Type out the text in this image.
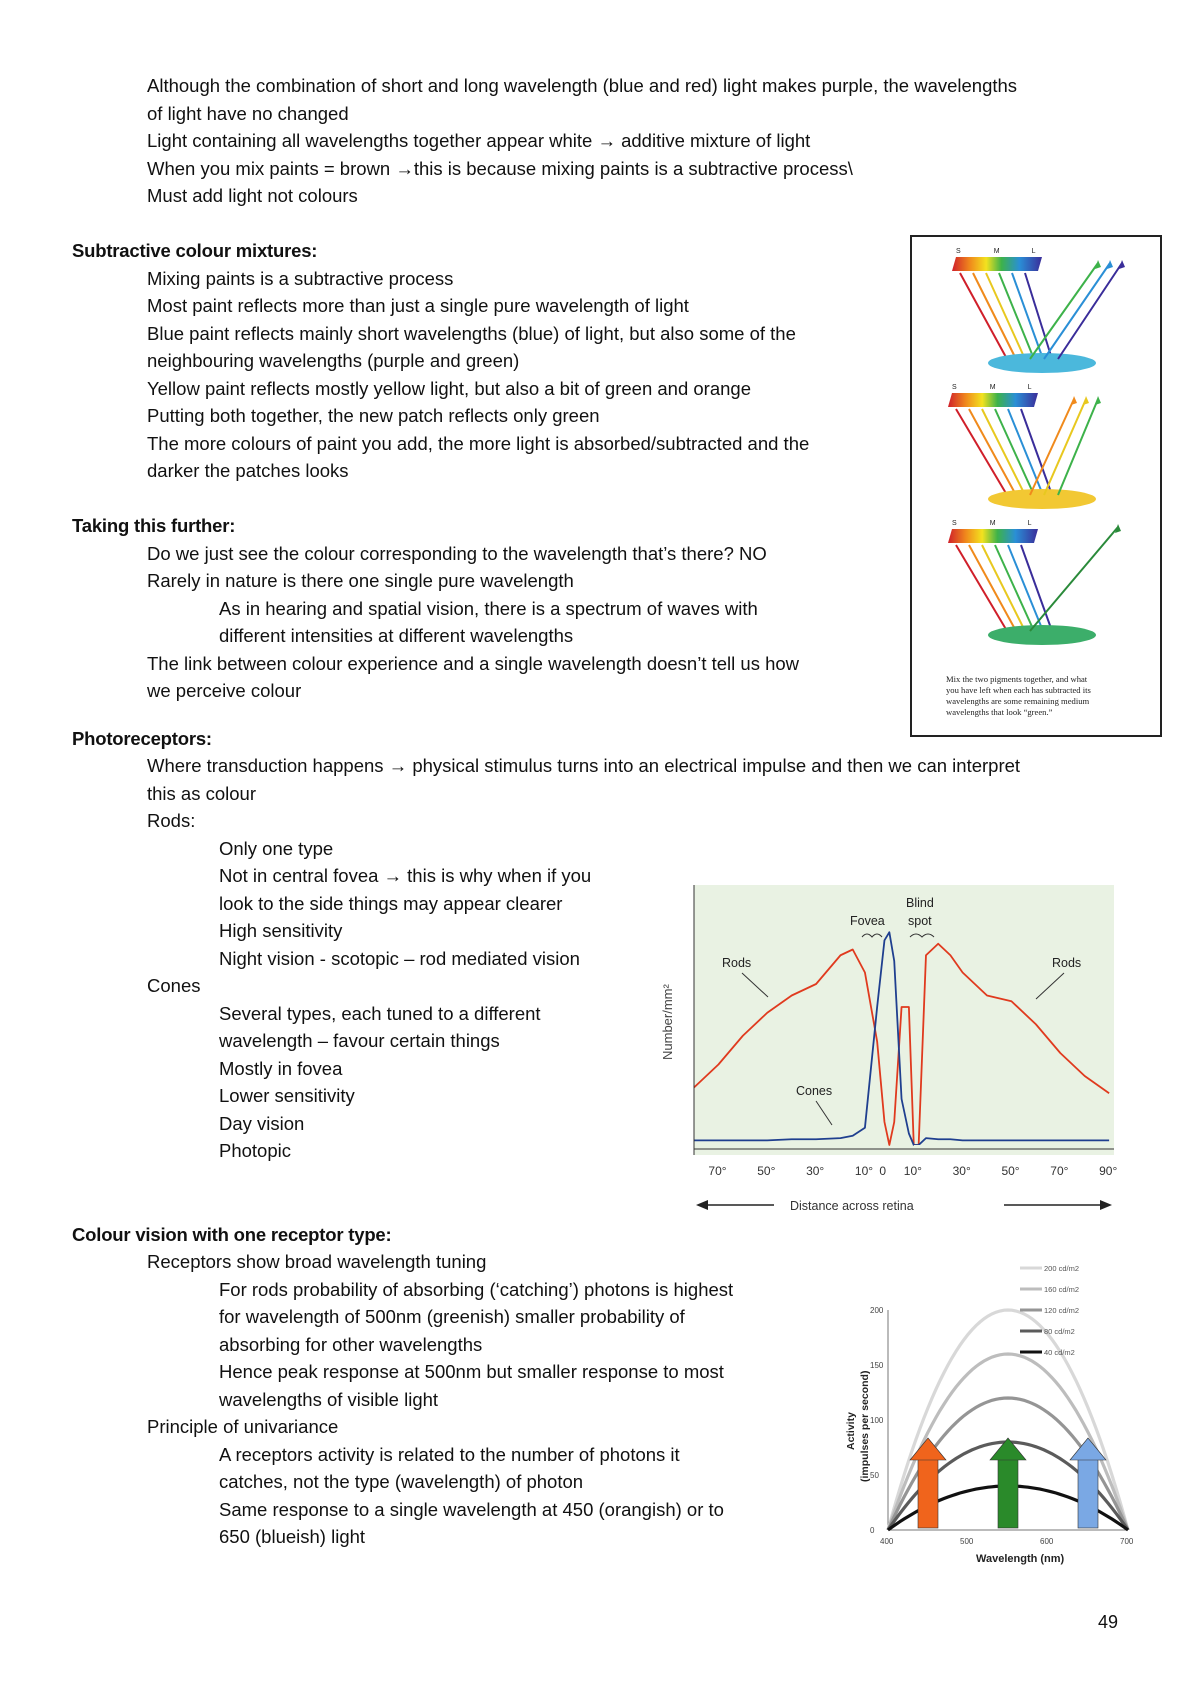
Although the combination of short and long wavelength (blue and red) light makes purple, the wavelengths
of light have no changed
Light containing all wavelengths together appear white → additive mixture of light
When you mix paints = brown →this is because mixing paints is a subtractive process\
Must add light not colours
Subtractive colour mixtures:
Mixing paints is a subtractive process
Most paint reflects more than just a single pure wavelength of light
Blue paint reflects mainly short wavelengths (blue) of light, but also some of the
neighbouring wavelengths (purple and green)
Yellow paint reflects mostly yellow light, but also a bit of green and orange
Putting both together, the new patch reflects only green
The more colours of paint you add, the more light is absorbed/subtracted and the
darker the patches looks
Taking this further:
Do we just see the colour corresponding to the wavelength that’s there? NO
Rarely in nature is there one single pure wavelength
As in hearing and spatial vision, there is a spectrum of waves with
different intensities at different wavelengths
The link between colour experience and a single wavelength doesn’t tell us how
we perceive colour
Photoreceptors:
Where transduction happens → physical stimulus turns into an electrical impulse and then we can interpret
this as colour
Rods:
Only one type
Not in central fovea → this is why when if you
look to the side things may appear clearer
High sensitivity
Night vision - scotopic – rod mediated vision
Cones
Several types, each tuned to a different
wavelength – favour certain things
Mostly in fovea
Lower sensitivity
Day vision
Photopic
Colour vision with one receptor type:
Receptors show broad wavelength tuning
For rods probability of absorbing (‘catching’) photons is highest
for wavelength of 500nm (greenish) smaller probability of
absorbing for other wavelengths
Hence peak response at 500nm but smaller response to most
wavelengths of visible light
Principle of univariance
A receptors activity is related to the number of photons it
catches, not the type (wavelength) of photon
Same response to a single wavelength at 450 (orangish) or to
650 (blueish) light
S	M	L
S	M	L
S	M	L
Mix the two pigments together, and what
you have left when each has subtracted its
wavelengths are some remaining medium
wavelengths that look “green.”
Number/mm²
70°	50°	30°	10° 0 10°	30°	50°	70°	90°
Distance across retina
Fovea
Blind
spot
Rods	Rods
Cones
0
50
100
150
200
400	500	600	700
Wavelength (nm)
Activity (impulses per second)
200 cd/m2
160 cd/m2
120 cd/m2
80 cd/m2
40 cd/m2
49
